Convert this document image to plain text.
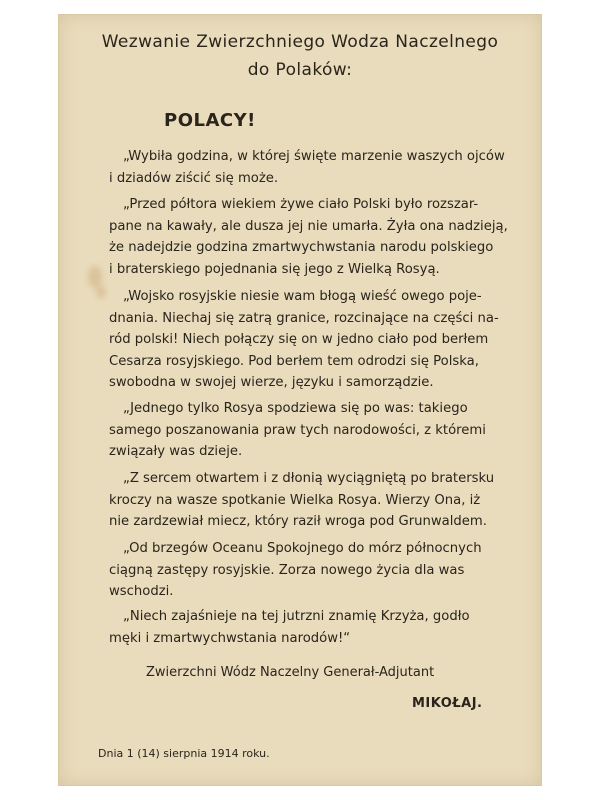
Wezwanie Zwierzchniego Wodza Naczelnego
do Polaków:
POLACY!
„Wybiła godzina, w której święte marzenie waszych ojców
i dziadów ziścić się może.
„Przed półtora wiekiem żywe ciało Polski było rozszar-
pane na kawały, ale dusza jej nie umarła. Żyła ona nadzieją,
że nadejdzie godzina zmartwychwstania narodu polskiego
i braterskiego pojednania się jego z Wielką Rosyą.
„Wojsko rosyjskie niesie wam błogą wieść owego poje-
dnania. Niechaj się zatrą granice, rozcinające na części na-
ród polski! Niech połączy się on w jedno ciało pod berłem
Cesarza rosyjskiego. Pod berłem tem odrodzi się Polska,
swobodna w swojej wierze, języku i samorządzie.
„Jednego tylko Rosya spodziewa się po was: takiego
samego poszanowania praw tych narodowości, z któremi
związały was dzieje.
„Z sercem otwartem i z dłonią wyciągniętą po bratersku
kroczy na wasze spotkanie Wielka Rosya. Wierzy Ona, iż
nie zardzewiał miecz, który raził wroga pod Grunwaldem.
„Od brzegów Oceanu Spokojnego do mórz północnych
ciągną zastępy rosyjskie. Zorza nowego życia dla was
wschodzi.
„Niech zajaśnieje na tej jutrzni znamię Krzyża, godło
męki i zmartwychwstania narodów!“
Zwierzchni Wódz Naczelny Generał-Adjutant
MIKOŁAJ.
Dnia 1 (14) sierpnia 1914 roku.
